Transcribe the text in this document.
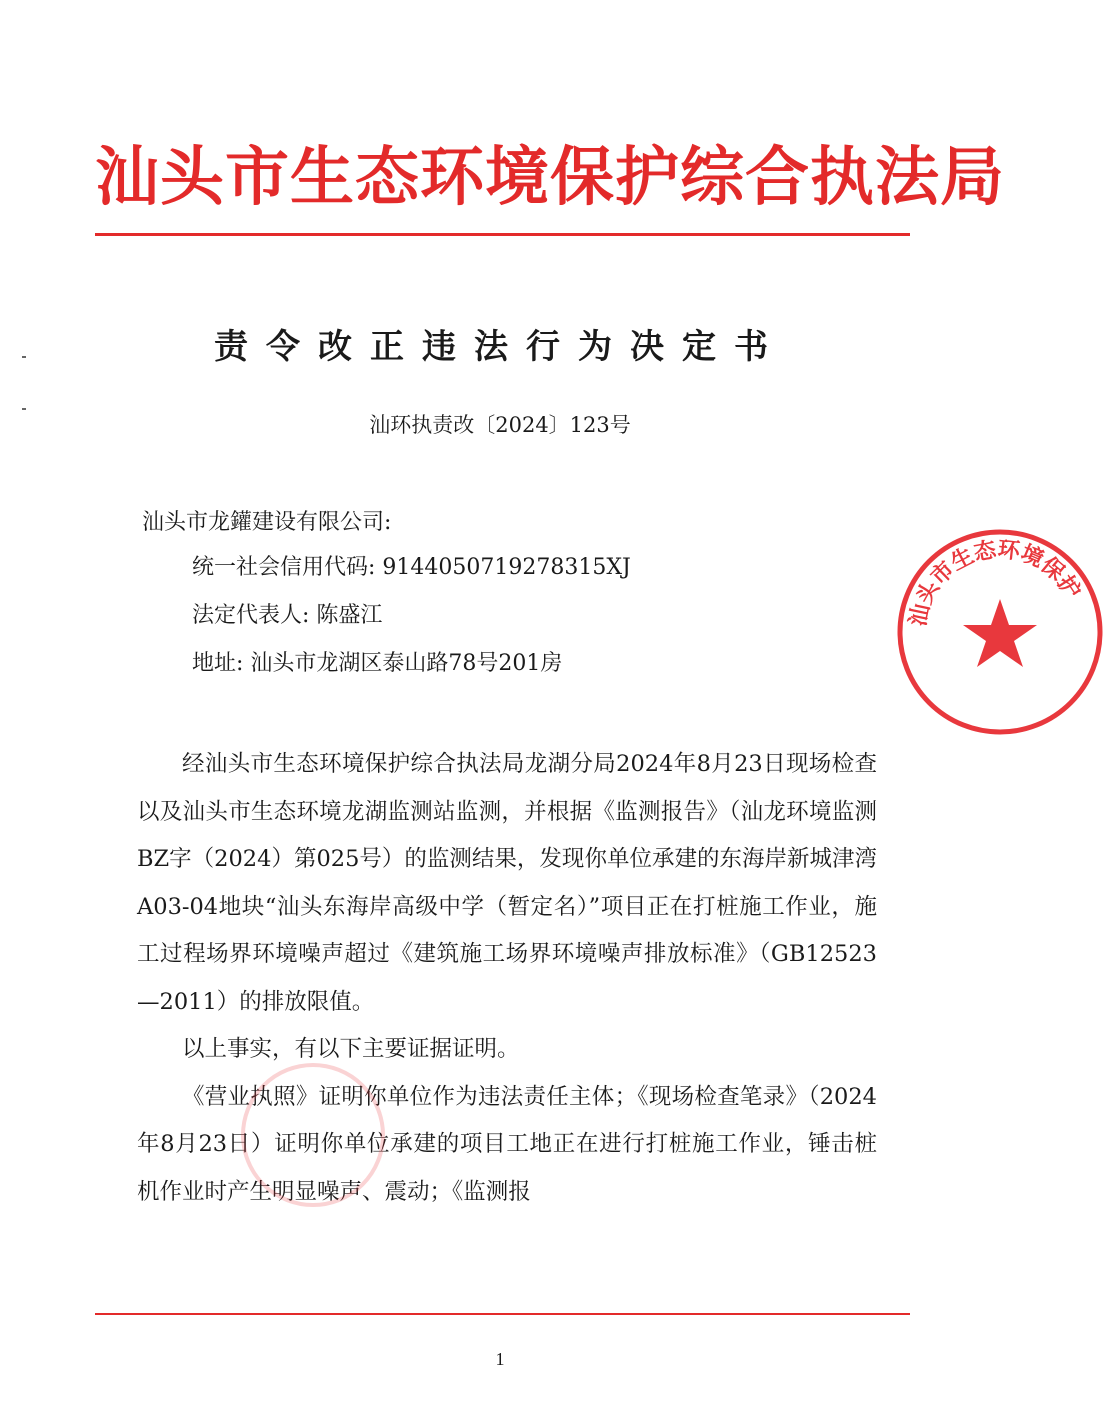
汕头市生态环境保护综合执法局
责令改正违法行为决定书
汕环执责改〔2024〕123号
汕头市龙鑵建设有限公司:
统一社会信用代码: 9144050719278315XJ
法定代表人: 陈盛江
地址: 汕头市龙湖区泰山路78号201房

经汕头市生态环境保护综合执法局龙湖分局2024年8月23日现场检查以及汕头市生态环境龙湖监测站监测，并根据《监测报告》（汕龙环境监测BZ字（2024）第025号）的监测结果，发现你单位承建的东海岸新城津湾A03-04地块“汕头东海岸高级中学（暂定名）”项目正在打桩施工作业，施工过程场界环境噪声超过《建筑施工场界环境噪声排放标准》（GB12523—2011）的排放限值。

以上事实，有以下主要证据证明。

《营业执照》证明你单位作为违法责任主体；《现场检查笔录》（2024年8月23日）证明你单位承建的项目工地正在进行打桩施工作业，锤击桩机作业时产生明显噪声、震动；《监测报

1
汕头市生态环境保护
